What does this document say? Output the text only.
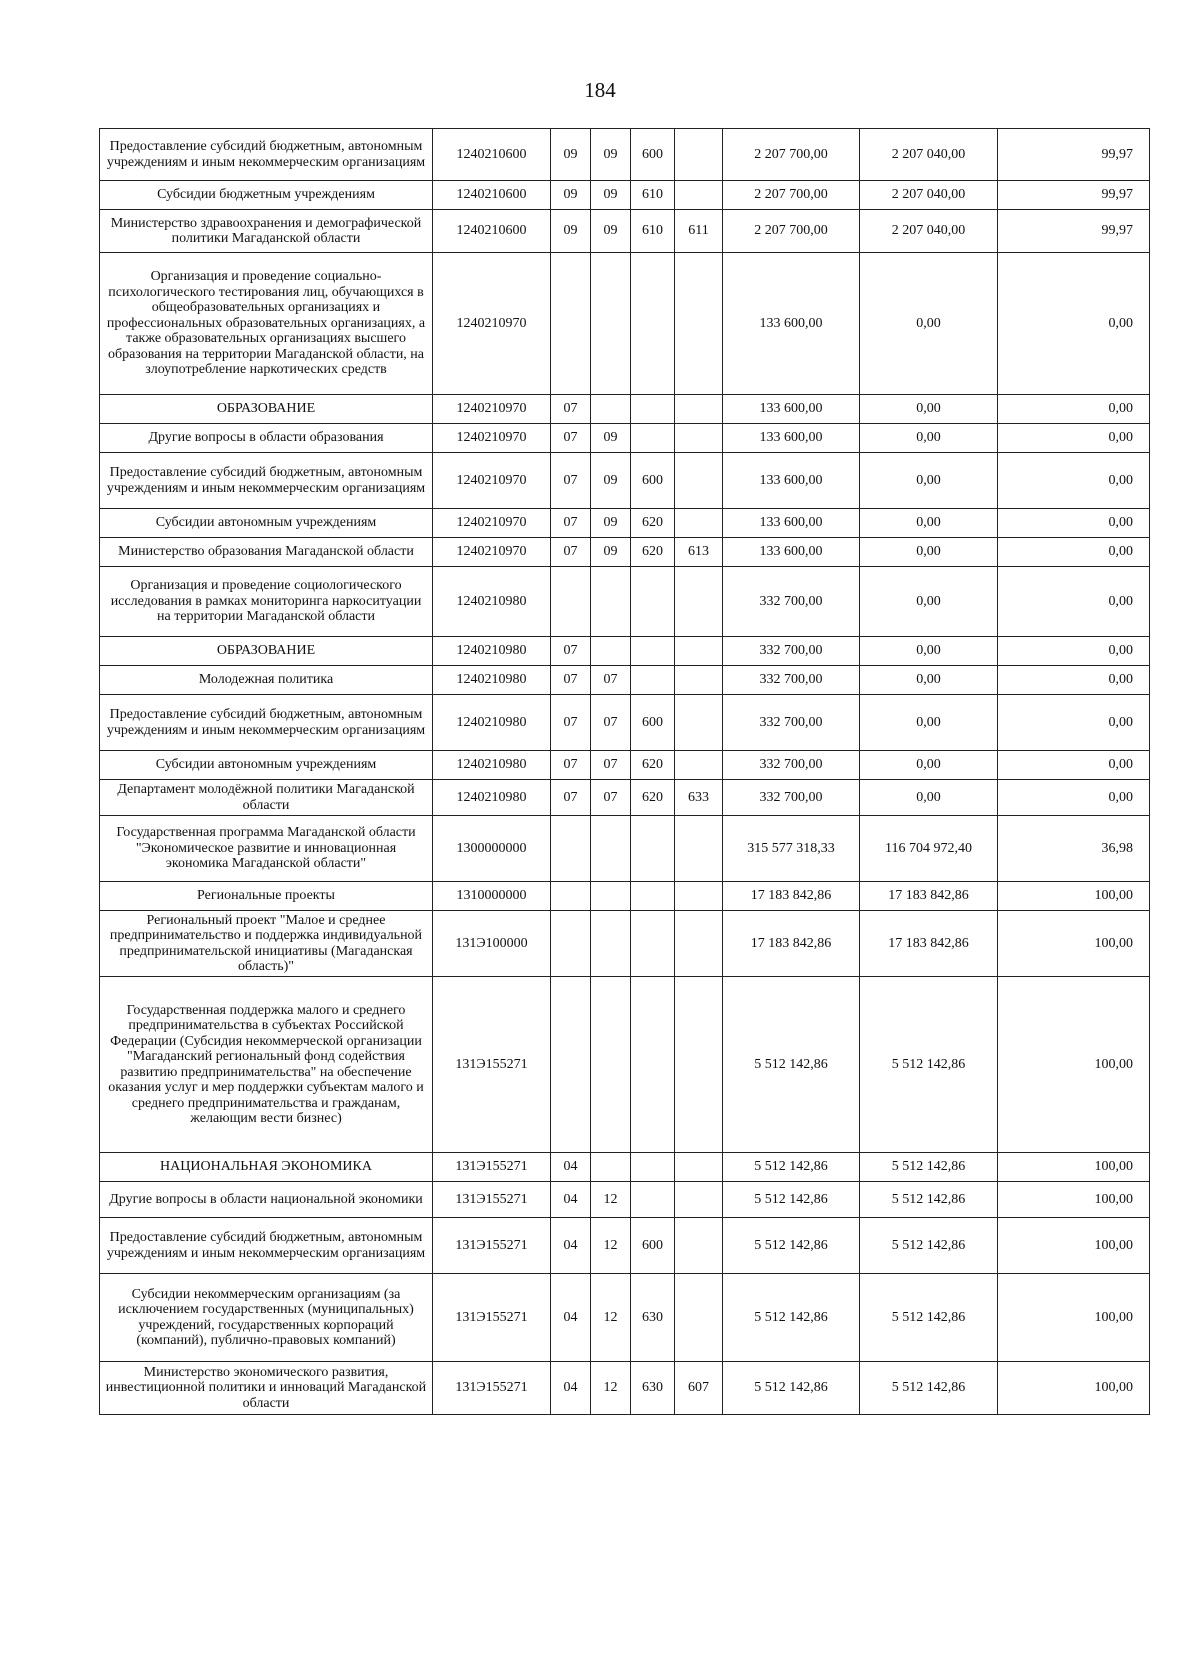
184
Предоставление субсидий бюджетным, автономным учреждениям и иным некоммерческим организациям	1240210600	09	09	600		2 207 700,00	2 207 040,00	99,97
Субсидии бюджетным учреждениям	1240210600	09	09	610		2 207 700,00	2 207 040,00	99,97
Министерство здравоохранения и демографической политики Магаданской области	1240210600	09	09	610	611	2 207 700,00	2 207 040,00	99,97
Организация и проведение социально-психологического тестирования лиц, обучающихся в общеобразовательных организациях и профессиональных образовательных организациях, а также образовательных организациях высшего образования на территории Магаданской области, на злоупотребление наркотических средств	1240210970					133 600,00	0,00	0,00
ОБРАЗОВАНИЕ	1240210970	07				133 600,00	0,00	0,00
Другие вопросы в области образования	1240210970	07	09			133 600,00	0,00	0,00
Предоставление субсидий бюджетным, автономным учреждениям и иным некоммерческим организациям	1240210970	07	09	600		133 600,00	0,00	0,00
Субсидии автономным учреждениям	1240210970	07	09	620		133 600,00	0,00	0,00
Министерство образования Магаданской области	1240210970	07	09	620	613	133 600,00	0,00	0,00
Организация и проведение социологического исследования в рамках мониторинга наркоситуации на территории Магаданской области	1240210980					332 700,00	0,00	0,00
ОБРАЗОВАНИЕ	1240210980	07				332 700,00	0,00	0,00
Молодежная политика	1240210980	07	07			332 700,00	0,00	0,00
Предоставление субсидий бюджетным, автономным учреждениям и иным некоммерческим организациям	1240210980	07	07	600		332 700,00	0,00	0,00
Субсидии автономным учреждениям	1240210980	07	07	620		332 700,00	0,00	0,00
Департамент молодёжной политики Магаданской области	1240210980	07	07	620	633	332 700,00	0,00	0,00
Государственная программа Магаданской области "Экономическое развитие и инновационная экономика Магаданской области"	1300000000					315 577 318,33	116 704 972,40	36,98
Региональные проекты	1310000000					17 183 842,86	17 183 842,86	100,00
Региональный проект "Малое и среднее предпринимательство и поддержка индивидуальной предпринимательской инициативы (Магаданская область)"	131Э100000					17 183 842,86	17 183 842,86	100,00
Государственная поддержка малого и среднего предпринимательства в субъектах Российской Федерации (Субсидия некоммерческой организации "Магаданский региональный фонд содействия развитию предпринимательства" на обеспечение оказания услуг и мер поддержки субъектам малого и среднего предпринимательства и гражданам, желающим вести бизнес)	131Э155271					5 512 142,86	5 512 142,86	100,00
НАЦИОНАЛЬНАЯ ЭКОНОМИКА	131Э155271	04				5 512 142,86	5 512 142,86	100,00
Другие вопросы в области национальной экономики	131Э155271	04	12			5 512 142,86	5 512 142,86	100,00
Предоставление субсидий бюджетным, автономным учреждениям и иным некоммерческим организациям	131Э155271	04	12	600		5 512 142,86	5 512 142,86	100,00
Субсидии некоммерческим организациям (за исключением государственных (муниципальных) учреждений, государственных корпораций (компаний), публично-правовых компаний)	131Э155271	04	12	630		5 512 142,86	5 512 142,86	100,00
Министерство экономического развития, инвестиционной политики и инноваций Магаданской области	131Э155271	04	12	630	607	5 512 142,86	5 512 142,86	100,00
